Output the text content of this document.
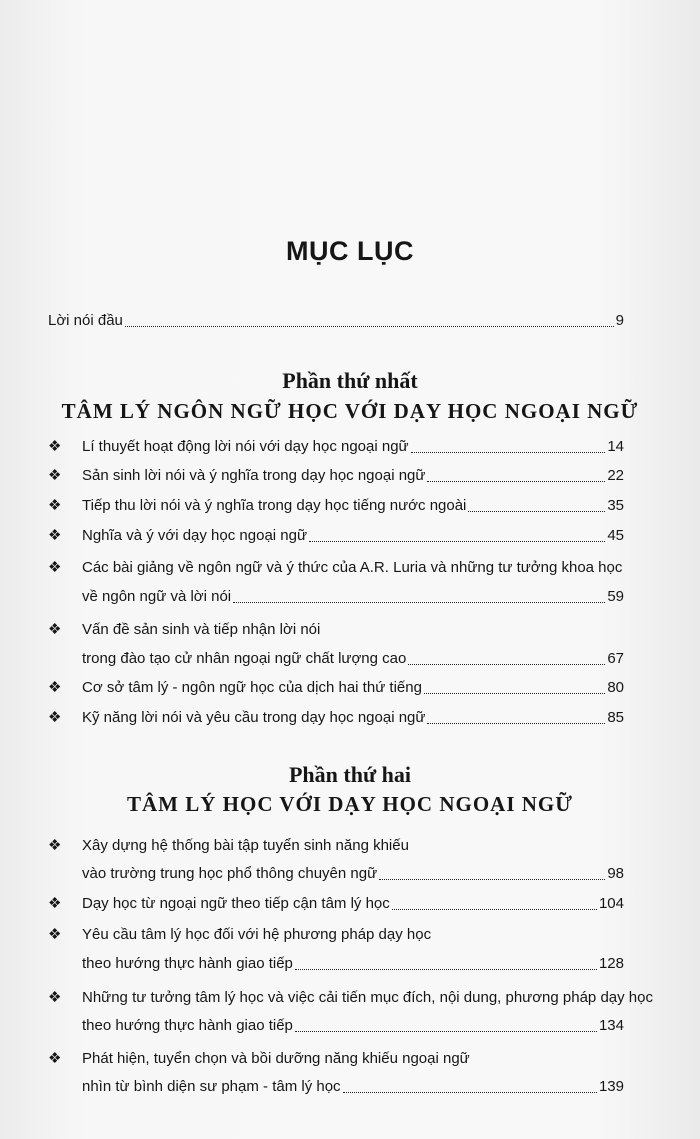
MỤC LỤC
Lời nói đầu	9
Phần thứ nhất
TÂM LÝ NGÔN NGỮ HỌC VỚI DẠY HỌC NGOẠI NGỮ
❖	Lí thuyết hoạt động lời nói với dạy học ngoại ngữ	14
❖	Sản sinh lời nói và ý nghĩa trong dạy học ngoại ngữ	22
❖	Tiếp thu lời nói và ý nghĩa trong dạy học tiếng nước ngoài	35
❖	Nghĩa và ý với dạy học ngoại ngữ	45
❖	Các bài giảng về ngôn ngữ và ý thức của A.R. Luria và những tư tưởng khoa học
về ngôn ngữ và lời nói	59
❖	Vấn đề sản sinh và tiếp nhận lời nói
trong đào tạo cử nhân ngoại ngữ chất lượng cao	67
❖	Cơ sở tâm lý - ngôn ngữ học của dịch hai thứ tiếng	80
❖	Kỹ năng lời nói và yêu cầu trong dạy học ngoại ngữ	85
Phần thứ hai
TÂM LÝ HỌC VỚI DẠY HỌC NGOẠI NGỮ
❖	Xây dựng hệ thống bài tập tuyển sinh năng khiếu
vào trường trung học phổ thông chuyên ngữ	98
❖	Dạy học từ ngoại ngữ theo tiếp cận tâm lý học	104
❖	Yêu cầu tâm lý học đối với hệ phương pháp dạy học
theo hướng thực hành giao tiếp	128
❖	Những tư tưởng tâm lý học và việc cải tiến mục đích, nội dung, phương pháp dạy học
theo hướng thực hành giao tiếp	134
❖	Phát hiện, tuyển chọn và bồi dưỡng năng khiếu ngoại ngữ
nhìn từ bình diện sư phạm - tâm lý học	139
